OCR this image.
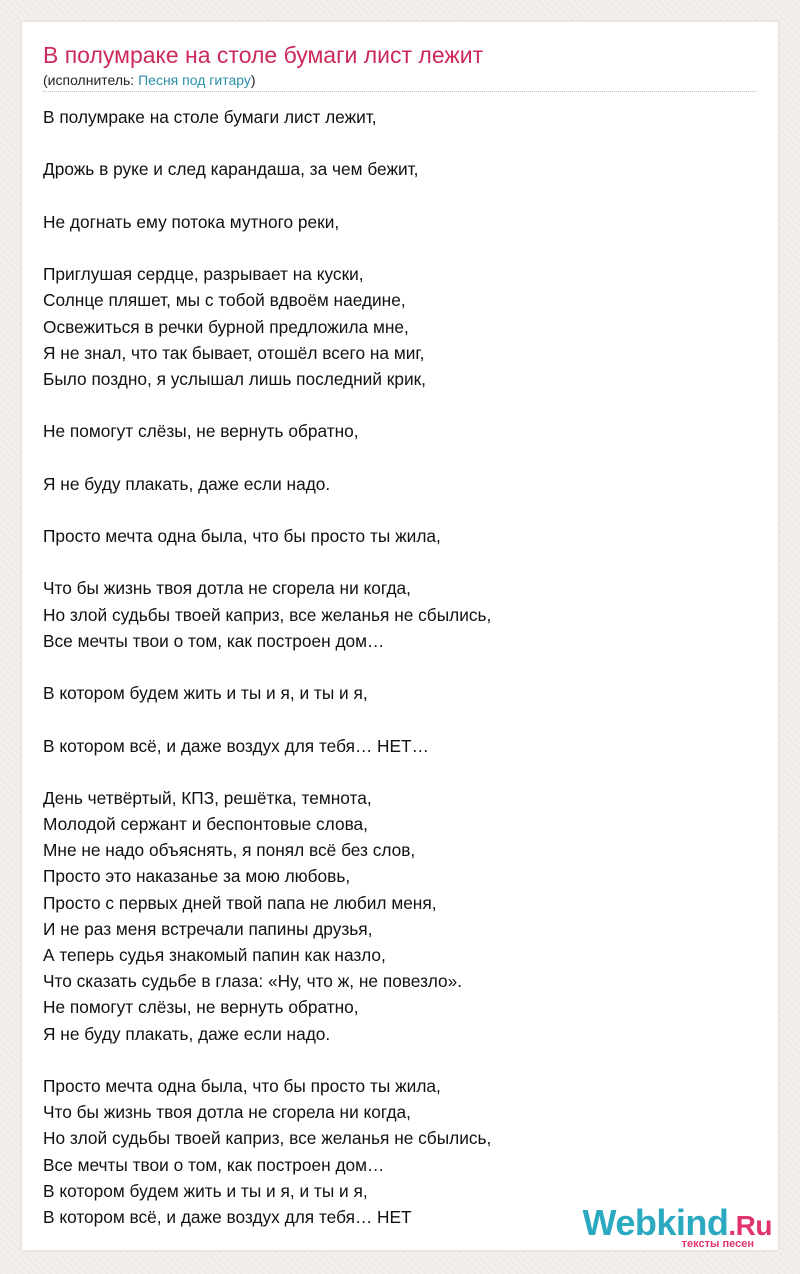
В полумраке на столе бумаги лист лежит
(исполнитель: Песня под гитару)
В полумраке на столе бумаги лист лежит,
Дрожь в руке и след карандаша, за чем бежит,
Не догнать ему потока мутного реки,
Приглушая сердце, разрывает на куски,
Солнце пляшет, мы с тобой вдвоём наедине,
Освежиться в речки бурной предложила мне,
Я не знал, что так бывает, отошёл всего на миг,
Было поздно, я услышал лишь последний крик,
Не помогут слёзы, не вернуть обратно,
Я не буду плакать, даже если надо.
Просто мечта одна была, что бы просто ты жила,
Что бы жизнь твоя дотла не сгорела ни когда,
Но злой судьбы твоей каприз, все желанья не сбылись,
Все мечты твои о том, как построен дом…
В котором будем жить и ты и я, и ты и я,
В котором всё, и даже воздух для тебя… НЕТ…
День четвёртый, КПЗ, решётка, темнота,
Молодой сержант и беспонтовые слова,
Мне не надо объяснять, я понял всё без слов,
Просто это наказанье за мою любовь,
Просто с первых дней твой папа не любил меня,
И не раз меня встречали папины друзья,
А теперь судья знакомый папин как назло,
Что сказать судьбе в глаза: «Ну, что ж, не повезло».
Не помогут слёзы, не вернуть обратно,
Я не буду плакать, даже если надо.
Просто мечта одна была, что бы просто ты жила,
Что бы жизнь твоя дотла не сгорела ни когда,
Но злой судьбы твоей каприз, все желанья не сбылись,
Все мечты твои о том, как построен дом…
В котором будем жить и ты и я, и ты и я,
В котором всё, и даже воздух для тебя… НЕТ	Webkind.Ru
тексты песен
